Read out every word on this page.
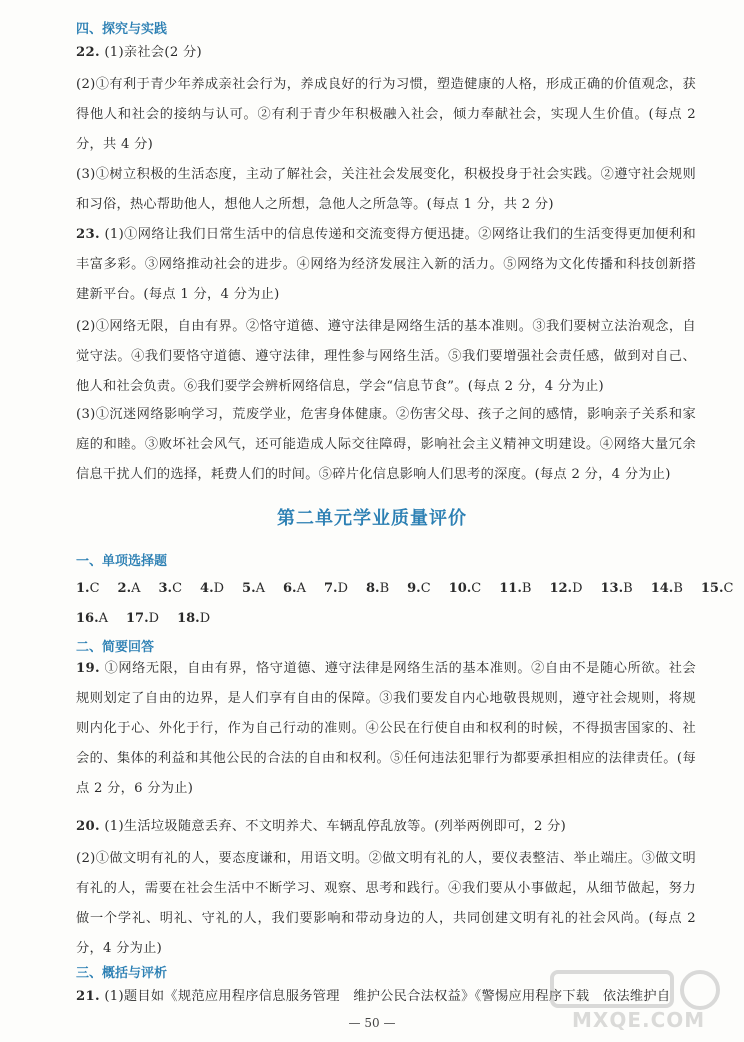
四、探究与实践
22. (1)亲社会(2 分)
(2)①有利于青少年养成亲社会行为，养成良好的行为习惯，塑造健康的人格，形成正确的价值观念，获得他人和社会的接纳与认可。②有利于青少年积极融入社会，倾力奉献社会，实现人生价值。(每点 2 分，共 4 分)
(3)①树立积极的生活态度，主动了解社会，关注社会发展变化，积极投身于社会实践。②遵守社会规则和习俗，热心帮助他人，想他人之所想，急他人之所急等。(每点 1 分，共 2 分)
23. (1)①网络让我们日常生活中的信息传递和交流变得方便迅捷。②网络让我们的生活变得更加便利和丰富多彩。③网络推动社会的进步。④网络为经济发展注入新的活力。⑤网络为文化传播和科技创新搭建新平台。(每点 1 分，4 分为止)
(2)①网络无限，自由有界。②恪守道德、遵守法律是网络生活的基本准则。③我们要树立法治观念，自觉守法。④我们要恪守道德、遵守法律，理性参与网络生活。⑤我们要增强社会责任感，做到对自己、他人和社会负责。⑥我们要学会辨析网络信息，学会“信息节食”。(每点 2 分，4 分为止)
(3)①沉迷网络影响学习，荒废学业，危害身体健康。②伤害父母、孩子之间的感情，影响亲子关系和家庭的和睦。③败坏社会风气，还可能造成人际交往障碍，影响社会主义精神文明建设。④网络大量冗余信息干扰人们的选择，耗费人们的时间。⑤碎片化信息影响人们思考的深度。(每点 2 分，4 分为止)
第二单元学业质量评价
一、单项选择题
1.C 2.A 3.C 4.D 5.A 6.A 7.D 8.B 9.C 10.C 11.B 12.D 13.B 14.B 15.C
16.A 17.D 18.D
二、简要回答
19. ①网络无限，自由有界，恪守道德、遵守法律是网络生活的基本准则。②自由不是随心所欲。社会规则划定了自由的边界，是人们享有自由的保障。③我们要发自内心地敬畏规则，遵守社会规则，将规则内化于心、外化于行，作为自己行动的准则。④公民在行使自由和权利的时候，不得损害国家的、社会的、集体的利益和其他公民的合法的自由和权利。⑤任何违法犯罪行为都要承担相应的法律责任。(每点 2 分，6 分为止)
20. (1)生活垃圾随意丢弃、不文明养犬、车辆乱停乱放等。(列举两例即可，2 分)
(2)①做文明有礼的人，要态度谦和，用语文明。②做文明有礼的人，要仪表整洁、举止端庄。③做文明有礼的人，需要在社会生活中不断学习、观察、思考和践行。④我们要从小事做起，从细节做起，努力做一个学礼、明礼、守礼的人，我们要影响和带动身边的人，共同创建文明有礼的社会风尚。(每点 2 分，4 分为止)
三、概括与评析
21. (1)题目如《规范应用程序信息服务管理　维护公民合法权益》《警惕应用程序下载　依法维护自
— 50 —	MXQE.COM
